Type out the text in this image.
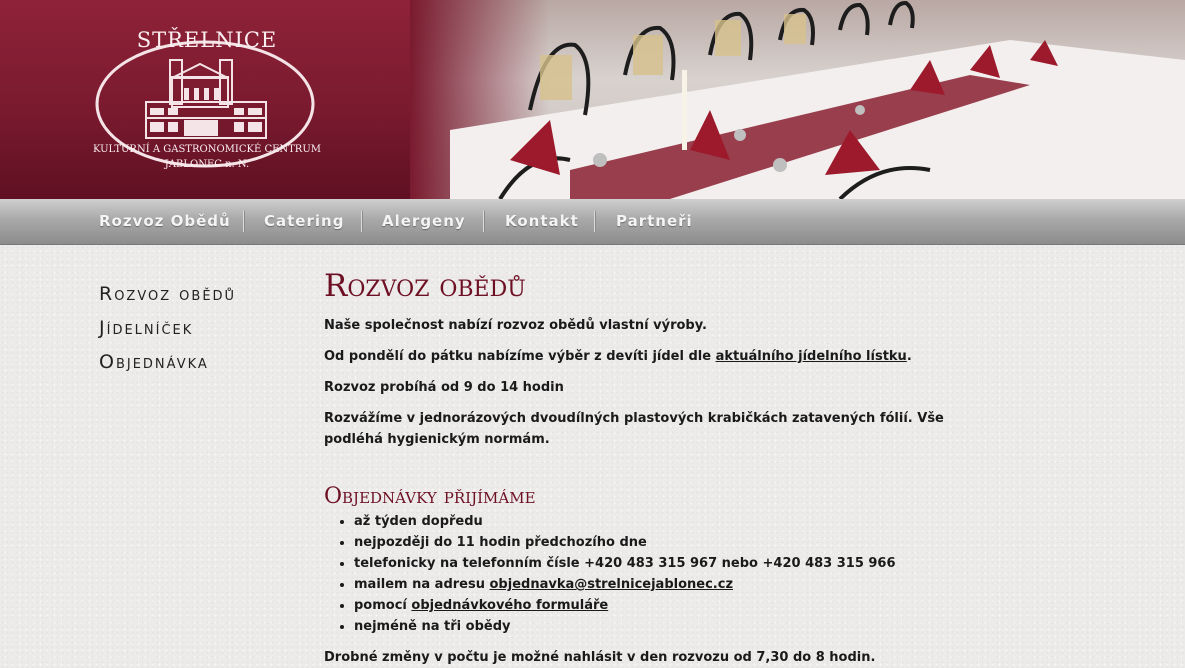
STŘELNICE
KULTURNÍ A GASTRONOMICKÉ CENTRUM
JABLONEC n. N.
Rozvoz Obědů Catering	Alergeny	Kontakt Partneři
Rozvoz obědů
Jídelníček
Objednávka
Rozvoz obědů

Naše společnost nabízí rozvoz obědů vlastní výroby.

Od pondělí do pátku nabízíme výběr z devíti jídel dle aktuálního jídelního lístku.

Rozvoz probíhá od 9 do 14 hodin

Rozvážíme v jednorázových dvoudílných plastových krabičkách zatavených fólií. Vše podléhá hygienickým normám.

Objednávky přijímáme
• až týden dopředu
• nejpozději do 11 hodin předchozího dne
• telefonicky na telefonním čísle +420 483 315 967 nebo +420 483 315 966
• mailem na adresu objednavka@strelnicejablonec.cz
• pomocí objednávkového formuláře
• nejméně na tři obědy

Drobné změny v počtu je možné nahlásit v den rozvozu od 7,30 do 8 hodin.
